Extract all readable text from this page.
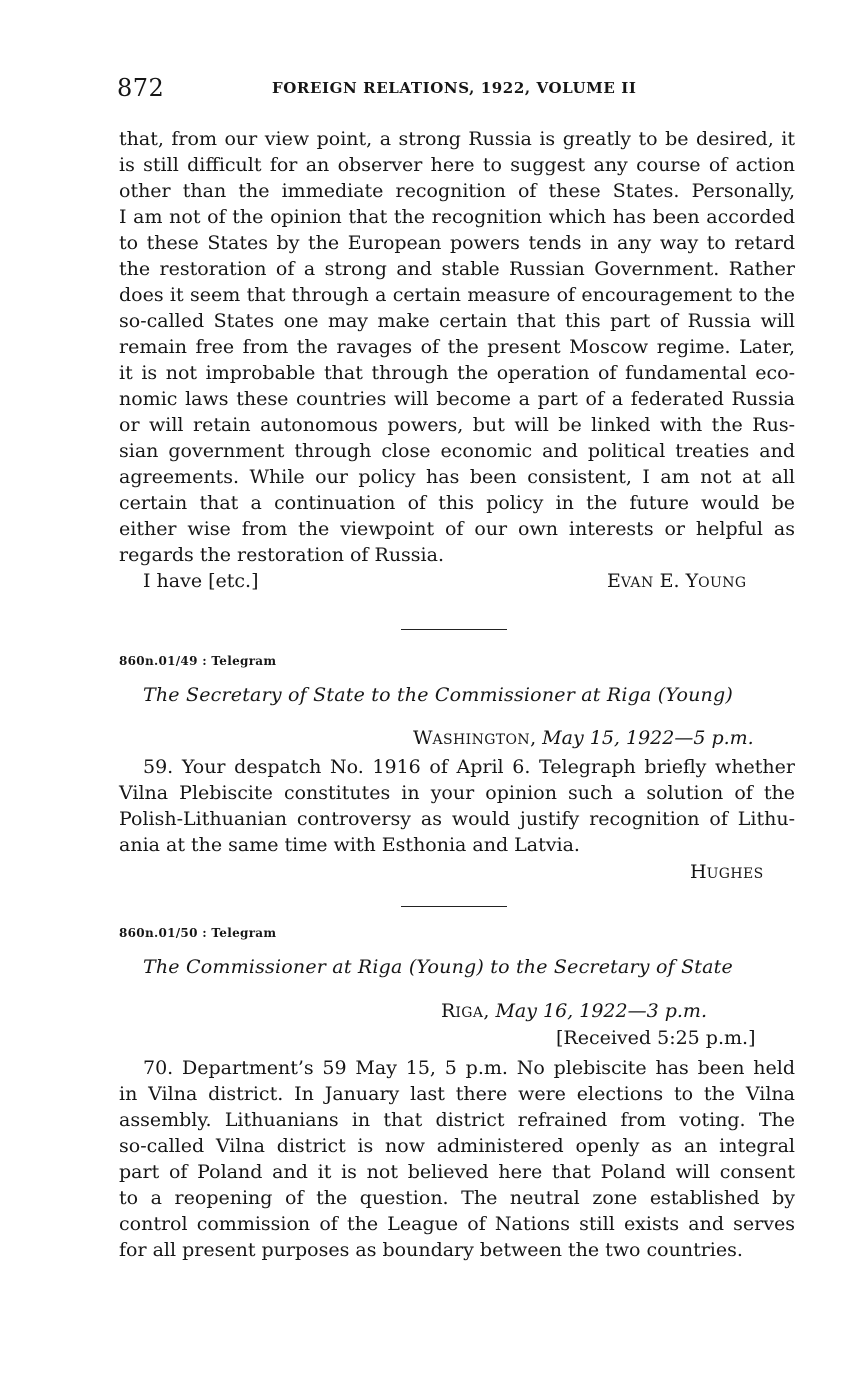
872	FOREIGN RELATIONS, 1922, VOLUME II
that, from our view point, a strong Russia is greatly to be desired, it
is still difficult for an observer here to suggest any course of action
other than the immediate recognition of these States. Personally,
I am not of the opinion that the recognition which has been accorded
to these States by the European powers tends in any way to retard
the restoration of a strong and stable Russian Government. Rather
does it seem that through a certain measure of encouragement to the
so-called States one may make certain that this part of Russia will
remain free from the ravages of the present Moscow regime. Later,
it is not improbable that through the operation of fundamental eco-
nomic laws these countries will become a part of a federated Russia
or will retain autonomous powers, but will be linked with the Rus-
sian government through close economic and political treaties and
agreements. While our policy has been consistent, I am not at all
certain that a continuation of this policy in the future would be
either wise from the viewpoint of our own interests or helpful as
regards the restoration of Russia.
I have [etc.]	EVAN E. YOUNG
860n.01/49 : Telegram
The Secretary of State to the Commissioner at Riga (Young)
WASHINGTON, May 15, 1922—5 p.m.
59. Your despatch No. 1916 of April 6. Telegraph briefly whether
Vilna Plebiscite constitutes in your opinion such a solution of the
Polish-Lithuanian controversy as would justify recognition of Lithu-
ania at the same time with Esthonia and Latvia.
HUGHES
860n.01/50 : Telegram
The Commissioner at Riga (Young) to the Secretary of State
RIGA, May 16, 1922—3 p.m.
[Received 5:25 p.m.]
70. Department’s 59 May 15, 5 p.m. No plebiscite has been held
in Vilna district. In January last there were elections to the Vilna
assembly. Lithuanians in that district refrained from voting. The
so-called Vilna district is now administered openly as an integral
part of Poland and it is not believed here that Poland will consent
to a reopening of the question. The neutral zone established by
control commission of the League of Nations still exists and serves
for all present purposes as boundary between the two countries.
